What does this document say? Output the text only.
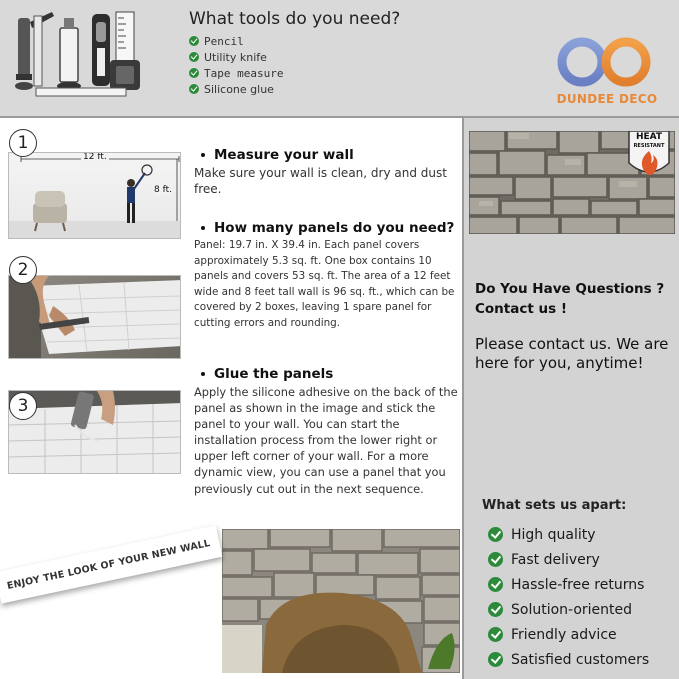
What tools do you need?
Pencil
Utility knife
Tape measure
Silicone glue
DUNDEE DECO
1
12 ft.
8 ft.
2
3
Measure your wall
Make sure your wall is clean, dry and dust free.
How many panels do you need?
Panel: 19.7 in. X 39.4 in. Each panel covers approximately 5.3 sq. ft. One box contains 10 panels and covers 53 sq. ft. The area of a 12 feet wide and 8 feet tall wall is 96 sq. ft., which can be covered by 2 boxes, leaving 1 spare panel for cutting errors and rounding.
Glue the panels
Apply the silicone adhesive on the back of the panel as shown in the image and stick the panel to your wall. You can start the installation process from the lower right or upper left corner of your wall. For a more dynamic view, you can use a panel that you previously cut out in the next sequence.
ENJOY THE LOOK OF YOUR NEW WALL
HEAT
RESISTANT
Do You Have Questions ? Contact us !
Please contact us. We are here for you, anytime!
What sets us apart:
High quality
Fast delivery
Hassle-free returns
Solution-oriented
Friendly advice
Satisfied customers
